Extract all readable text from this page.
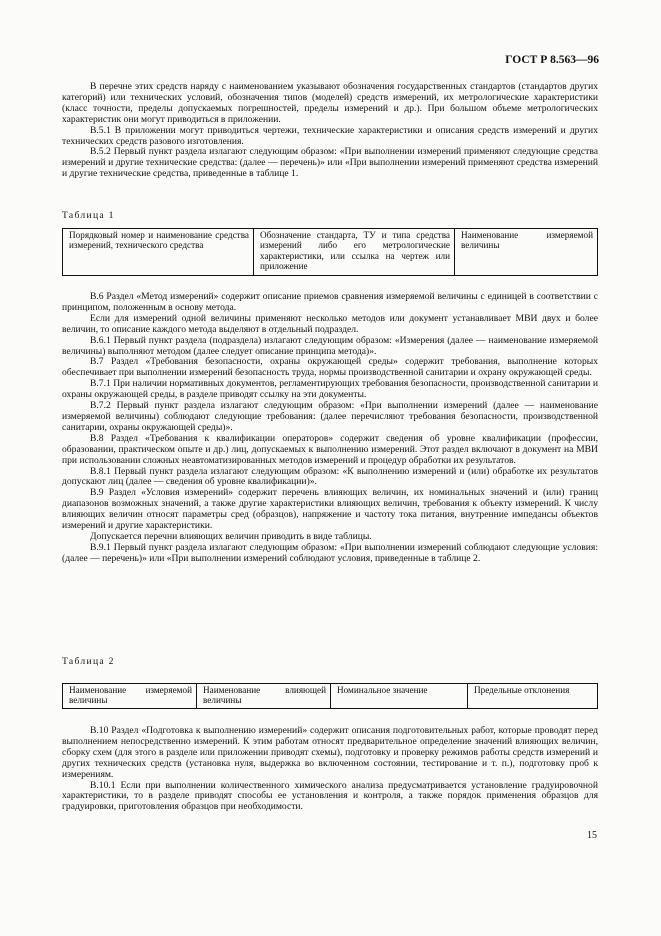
ГОСТ Р 8.563—96

В перечне этих средств наряду с наименованием указывают обозначения государственных стандартов (стандартов других категорий) или технических условий, обозначения типов (моделей) средств измерений, их метрологические характеристики (класс точности, пределы допускаемых погрешностей, пределы измерений и др.). При большом объеме метрологических характеристик они могут приводиться в приложении.

В.5.1 В приложении могут приводиться чертежи, технические характеристики и описания средств измерений и других технических средств разового изготовления.

В.5.2 Первый пункт раздела излагают следующим образом: «При выполнении измерений применяют следующие средства измерений и другие технические средства: (далее — перечень)» или «При выполнении измерений применяют средства измерений и другие технические средства, приведенные в таблице 1.

Таблица 1
Порядковый номер и наименование средства измерений, технического средства	Обозначение стандарта, ТУ и типа средства измерений либо его метрологические характеристики, или ссылка на чертеж или приложение	Наименование измеряемой величины

В.6 Раздел «Метод измерений» содержит описание приемов сравнения измеряемой величины с единицей в соответствии с принципом, положенным в основу метода.

Если для измерений одной величины применяют несколько методов или документ устанавливает МВИ двух и более величин, то описание каждого метода выделяют в отдельный подраздел.

В.6.1 Первый пункт раздела (подраздела) излагают следующим образом: «Измерения (далее — наименование измеряемой величины) выполняют методом (далее следует описание принципа метода)».

В.7 Раздел «Требования безопасности, охраны окружающей среды» содержит требования, выполнение которых обеспечивает при выполнении измерений безопасность труда, нормы производственной санитарии и охрану окружающей среды.

В.7.1 При наличии нормативных документов, регламентирующих требования безопасности, производственной санитарии и охраны окружающей среды, в разделе приводят ссылку на эти документы.

В.7.2 Первый пункт раздела излагают следующим образом: «При выполнении измерений (далее — наименование измеряемой величины) соблюдают следующие требования: (далее перечисляют требования безопасности, производственной санитарии, охраны окружающей среды)».

В.8 Раздел «Требования к квалификации операторов» содержит сведения об уровне квалификации (профессии, образовании, практическом опыте и др.) лиц, допускаемых к выполнению измерений. Этот раздел включают в документ на МВИ при использовании сложных неавтоматизированных методов измерений и процедур обработки их результатов.

В.8.1 Первый пункт раздела излагают следующим образом: «К выполнению измерений и (или) обработке их результатов допускают лиц (далее — сведения об уровне квалификации)».

В.9 Раздел «Условия измерений» содержит перечень влияющих величин, их номинальных значений и (или) границ диапазонов возможных значений, а также другие характеристики влияющих величин, требования к объекту измерений. К числу влияющих величин относят параметры сред (образцов), напряжение и частоту тока питания, внутренние импедансы объектов измерений и другие характеристики.

Допускается перечни влияющих величин приводить в виде таблицы.

В.9.1 Первый пункт раздела излагают следующим образом: «При выполнении измерений соблюдают следующие условия: (далее — перечень)» или «При выполнении измерений соблюдают условия, приведенные в таблице 2.

Таблица 2
Наименование измеряемой величины	Наименование влияющей величины	Номинальное значение	Предельные отклонения

В.10 Раздел «Подготовка к выполнению измерений» содержит описания подготовительных работ, которые проводят перед выполнением непосредственно измерений. К этим работам относят предварительное определение значений влияющих величин, сборку схем (для этого в разделе или приложении приводят схемы), подготовку и проверку режимов работы средств измерений и других технических средств (установка нуля, выдержка во включенном состоянии, тестирование и т. п.), подготовку проб к измерениям.

В.10.1 Если при выполнении количественного химического анализа предусматривается установление градуировочной характеристики, то в разделе приводят способы ее установления и контроля, а также порядок применения образцов для градуировки, приготовления образцов при необходимости.

15
